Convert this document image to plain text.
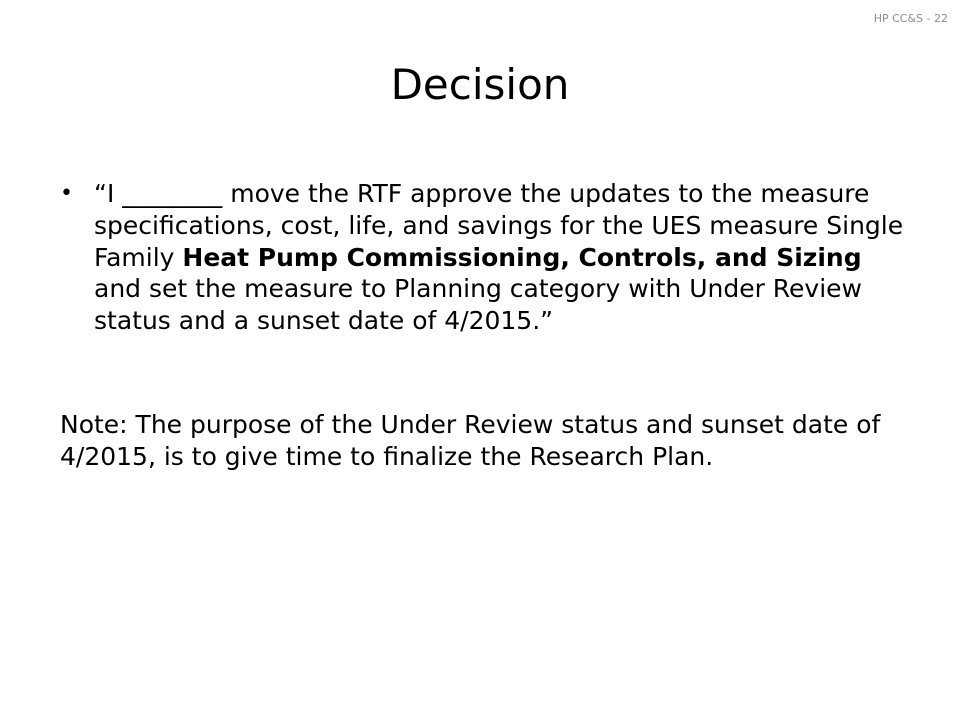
HP CC&S - 22
Decision
• “I ________ move the RTF approve the updates to the measure specifications, cost, life, and savings for the UES measure Single Family Heat Pump Commissioning, Controls, and Sizing and set the measure to Planning category with Under Review status and a sunset date of 4/2015.”
Note: The purpose of the Under Review status and sunset date of 4/2015, is to give time to finalize the Research Plan.
